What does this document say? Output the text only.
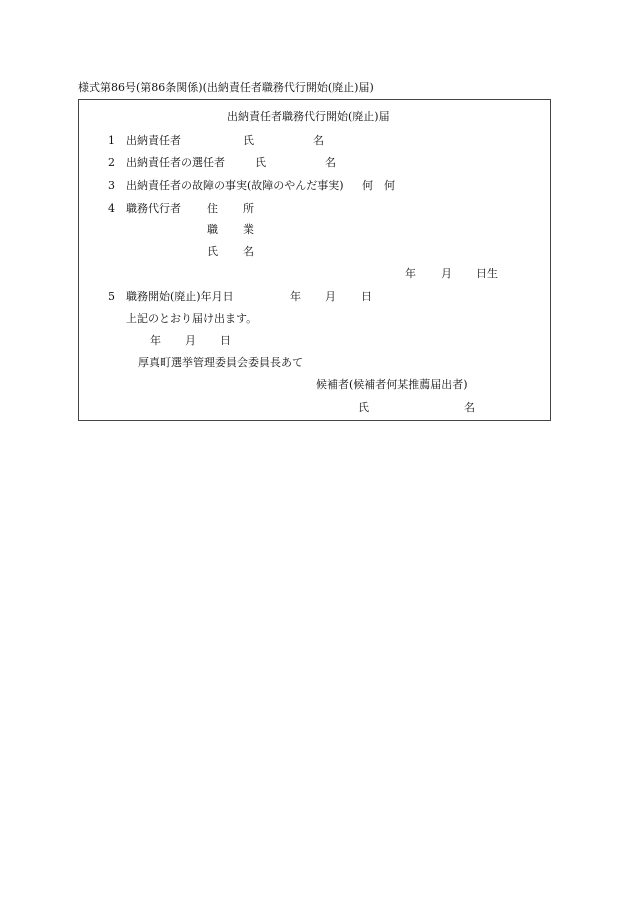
様式第86号(第86条関係)(出納責任者職務代行開始(廃止)届)
出納責任者職務代行開始(廃止)届
1 出納責任者	氏	名
2 出納責任者の選任者	氏	名
3 出納責任者の故障の事実(故障のやんだ事実) 何　何
4 職務代行者 住 所
職 業
氏 名
年 月 日生
5 職務開始(廃止)年月日	年 月 日
上記のとおり届け出ます。
年 月 日
厚真町選挙管理委員会委員長あて
候補者(候補者何某推薦届出者)
氏	名
